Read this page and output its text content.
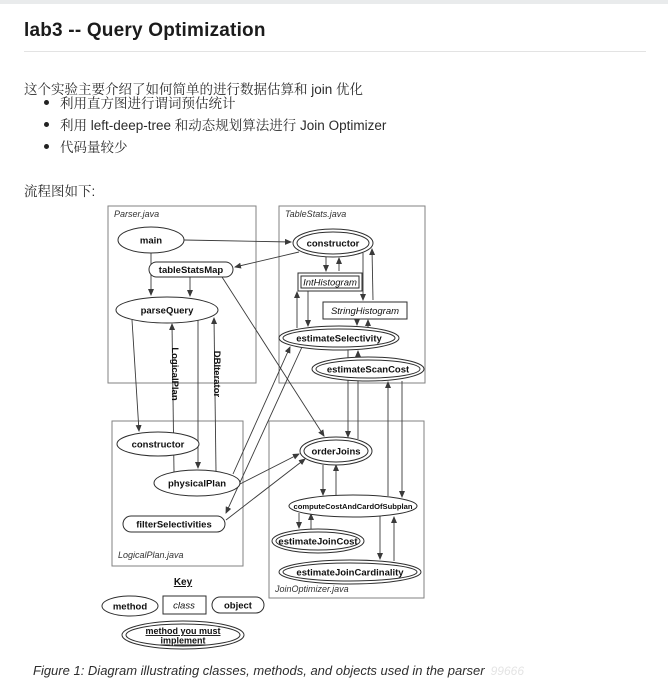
lab3 -- Query Optimization

这个实验主要介绍了如何简单的进行数据估算和 join 优化

利用直方图进行谓词预估统计
利用 left-deep-tree 和动态规划算法进行 Join Optimizer
代码量较少

流程图如下:

Parser.java	TableStats.java
LogicalPlan.java
JoinOptimizer.java
LogicalPlan	DBIterator
main
tableStatsMap
parseQuery
constructor
IntHistogram
StringHistogram
estimateSelectivity
estimateScanCost
constructor
physicalPlan
filterSelectivities
orderJoins
computeCostAndCardOfSubplan
estimateJoinCost
estimateJoinCardinality
Key
method	class	object
method you must
implement

Figure 1: Diagram illustrating classes, methods, and objects used in the parser 99666
